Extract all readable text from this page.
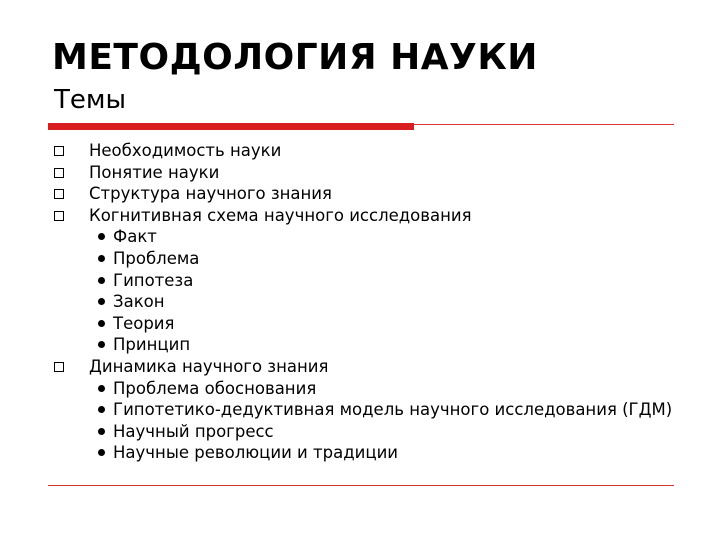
МЕТОДОЛОГИЯ НАУКИ
Темы
Необходимость науки
Понятие науки
Структура научного знания
Когнитивная схема научного исследования
Факт
Проблема
Гипотеза
Закон
Теория
Принцип
Динамика научного знания
Проблема обоснования
Гипотетико-дедуктивная модель научного исследования (ГДМ)
Научный прогресс
Научные революции и традиции
